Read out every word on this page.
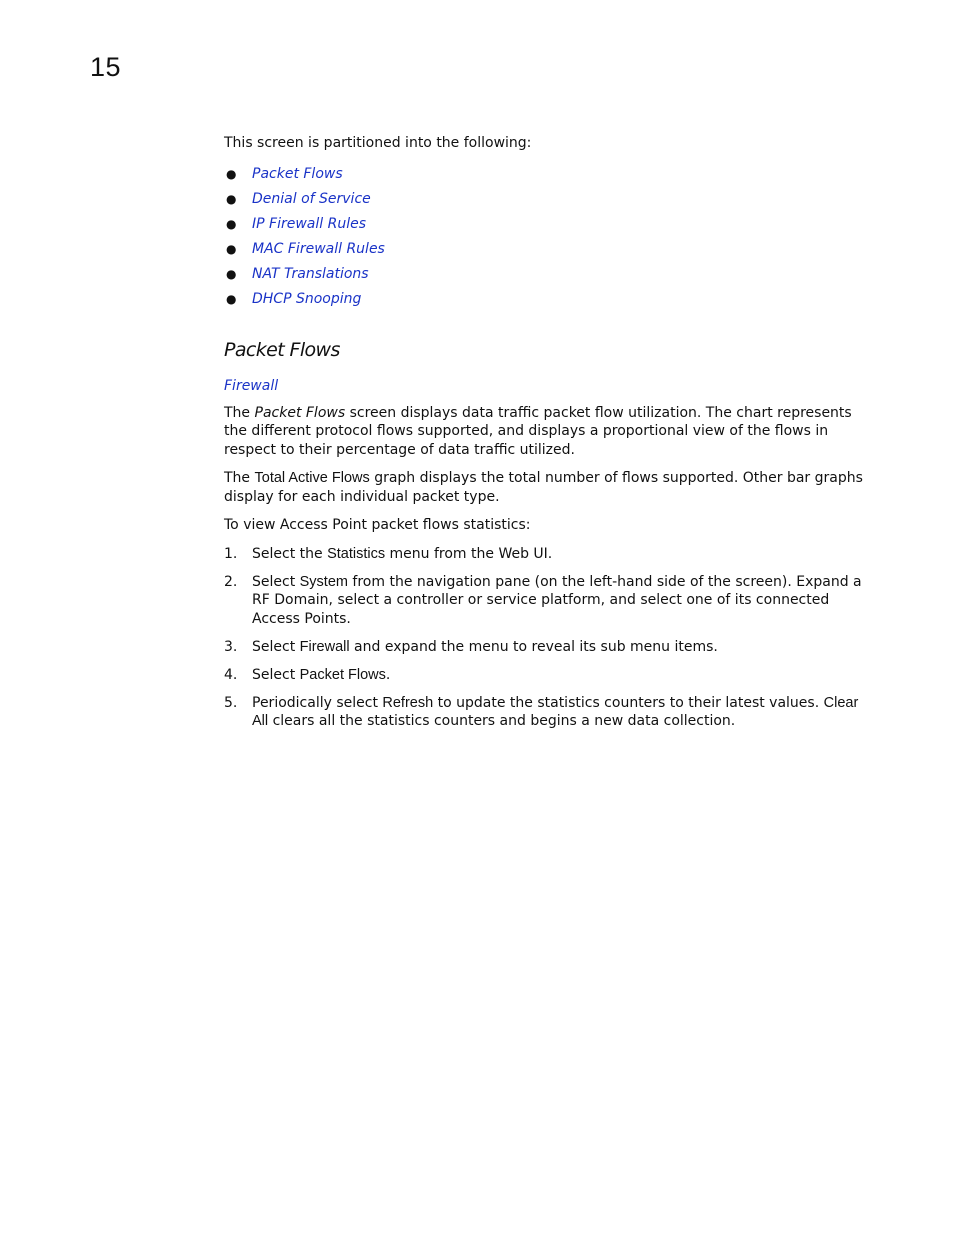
15

This screen is partitioned into the following:

● Packet Flows
● Denial of Service
● IP Firewall Rules
● MAC Firewall Rules
● NAT Translations
● DHCP Snooping
Packet Flows
Firewall

The Packet Flows screen displays data traffic packet flow utilization. The chart represents the different protocol flows supported, and displays a proportional view of the flows in respect to their percentage of data traffic utilized.

The Total Active Flows graph displays the total number of flows supported. Other bar graphs display for each individual packet type.

To view Access Point packet flows statistics:

1. Select the Statistics menu from the Web UI.
2. Select System from the navigation pane (on the left-hand side of the screen). Expand a RF Domain, select a controller or service platform, and select one of its connected Access Points.
3. Select Firewall and expand the menu to reveal its sub menu items.
4. Select Packet Flows.
5. Periodically select Refresh to update the statistics counters to their latest values. Clear All clears all the statistics counters and begins a new data collection.
